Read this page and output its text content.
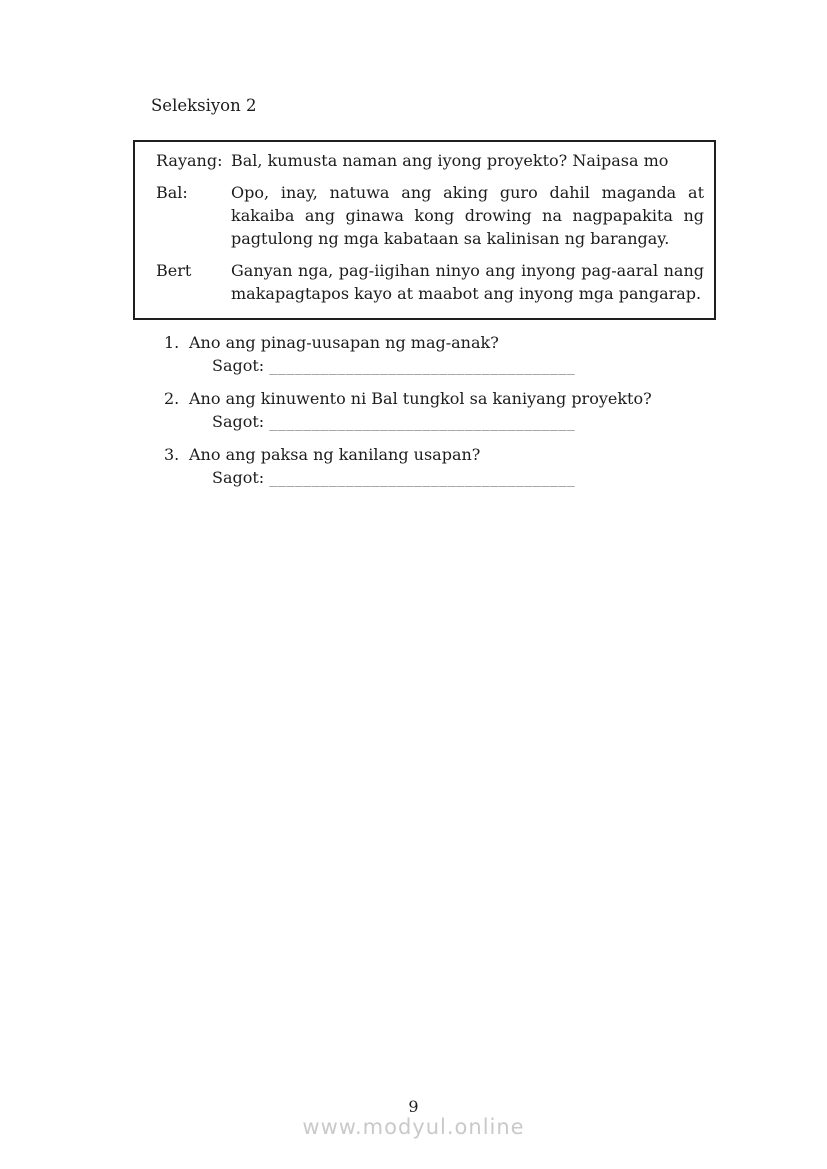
Seleksiyon 2
Rayang: Bal, kumusta naman ang iyong proyekto? Naipasa mo
Bal:	Opo, inay, natuwa ang aking guro dahil maganda at kakaiba ang ginawa kong drowing na nagpapakita ng pagtulong ng mga kabataan sa kalinisan ng barangay.
Bert	Ganyan nga, pag-iigihan ninyo ang inyong pag-aaral nang makapagtapos kayo at maabot ang inyong mga pangarap.
1. Ano ang pinag-uusapan ng mag-anak?
Sagot: ____________________________________
2. Ano ang kinuwento ni Bal tungkol sa kaniyang proyekto?
Sagot: ____________________________________
3. Ano ang paksa ng kanilang usapan?
Sagot: ____________________________________
9
www.modyul.online
